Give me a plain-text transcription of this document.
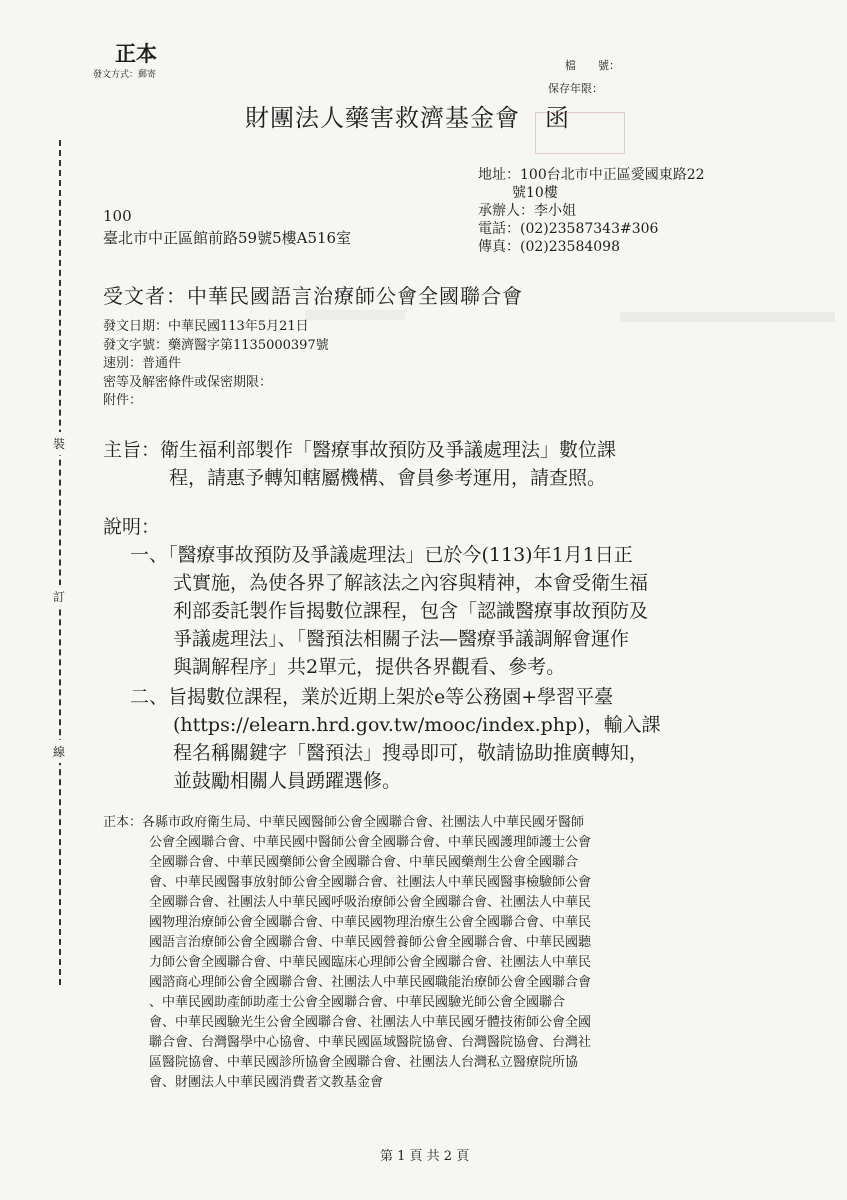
正本
發文方式：郵寄
檔　　號：
保存年限：
財團法人藥害救濟基金會　函
地址：100台北市中正區愛國東路22
號10樓
承辦人：李小姐
電話：(02)23587343#306
傳真：(02)23584098
100
臺北市中正區館前路59號5樓A516室
受文者：中華民國語言治療師公會全國聯合會
發文日期：中華民國113年5月21日
發文字號：藥濟醫字第1135000397號
速別：普通件
密等及解密條件或保密期限：
附件：
裝
訂
線
主旨：衛生福利部製作「醫療事故預防及爭議處理法」數位課
程，請惠予轉知轄屬機構、會員參考運用，請查照。
說明：
一、「醫療事故預防及爭議處理法」已於今(113)年1月1日正
式實施，為使各界了解該法之內容與精神，本會受衛生福
利部委託製作旨揭數位課程，包含「認識醫療事故預防及
爭議處理法」、「醫預法相關子法—醫療爭議調解會運作
與調解程序」共2單元，提供各界觀看、參考。
二、旨揭數位課程，業於近期上架於e等公務園+學習平臺
(https://elearn.hrd.gov.tw/mooc/index.php)，輸入課
程名稱關鍵字「醫預法」搜尋即可，敬請協助推廣轉知，
並鼓勵相關人員踴躍選修。
正本：各縣市政府衛生局、中華民國醫師公會全國聯合會、社團法人中華民國牙醫師
公會全國聯合會、中華民國中醫師公會全國聯合會、中華民國護理師護士公會
全國聯合會、中華民國藥師公會全國聯合會、中華民國藥劑生公會全國聯合
會、中華民國醫事放射師公會全國聯合會、社團法人中華民國醫事檢驗師公會
全國聯合會、社團法人中華民國呼吸治療師公會全國聯合會、社團法人中華民
國物理治療師公會全國聯合會、中華民國物理治療生公會全國聯合會、中華民
國語言治療師公會全國聯合會、中華民國營養師公會全國聯合會、中華民國聽
力師公會全國聯合會、中華民國臨床心理師公會全國聯合會、社團法人中華民
國諮商心理師公會全國聯合會、社團法人中華民國職能治療師公會全國聯合會
、中華民國助產師助產士公會全國聯合會、中華民國驗光師公會全國聯合
會、中華民國驗光生公會全國聯合會、社團法人中華民國牙體技術師公會全國
聯合會、台灣醫學中心協會、中華民國區域醫院協會、台灣醫院協會、台灣社
區醫院協會、中華民國診所協會全國聯合會、社團法人台灣私立醫療院所協
會、財團法人中華民國消費者文教基金會
第 1 頁 共 2 頁
